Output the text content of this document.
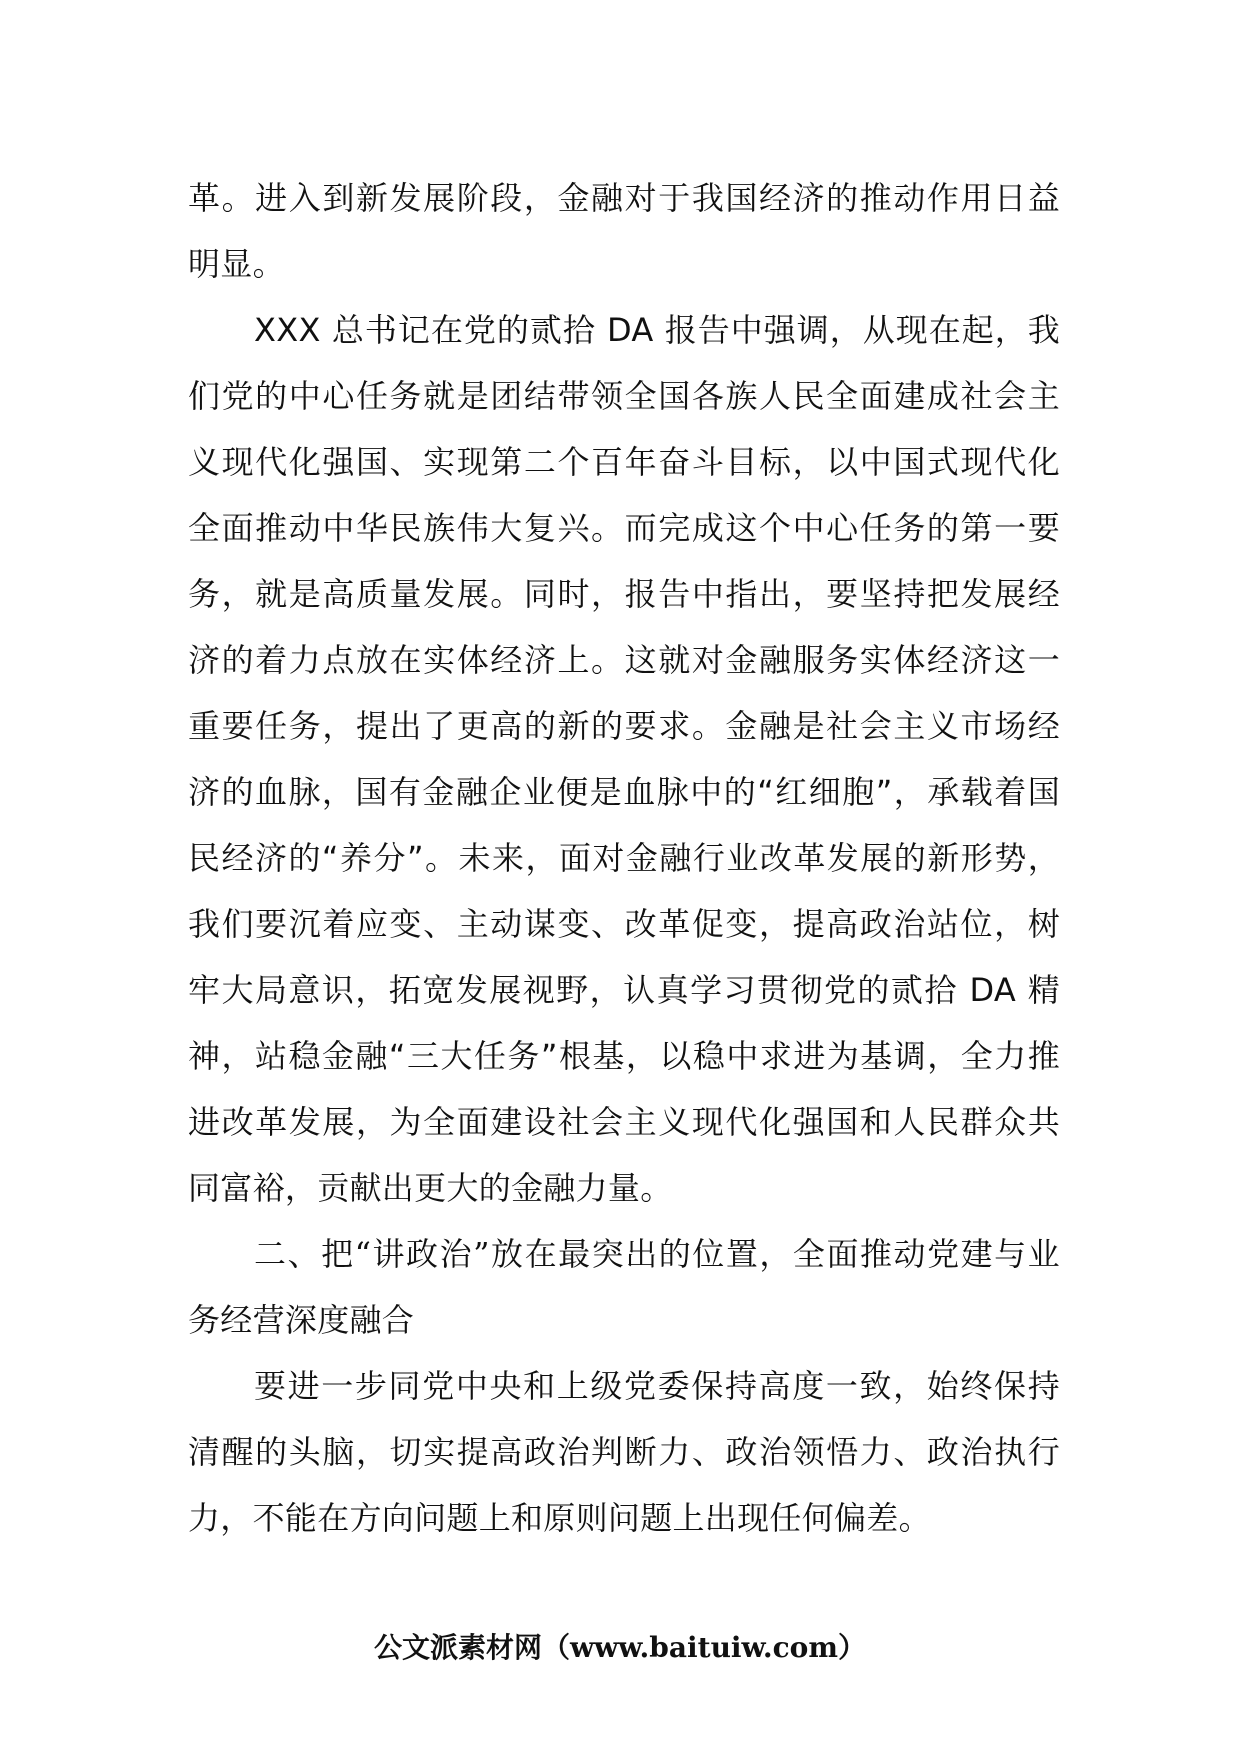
革。进入到新发展阶段，金融对于我国经济的推动作用日益明显。

XXX 总书记在党的贰拾 DA 报告中强调，从现在起，我们党的中心任务就是团结带领全国各族人民全面建成社会主义现代化强国、实现第二个百年奋斗目标，以中国式现代化全面推动中华民族伟大复兴。而完成这个中心任务的第一要务，就是高质量发展。同时，报告中指出，要坚持把发展经济的着力点放在实体经济上。这就对金融服务实体经济这一重要任务，提出了更高的新的要求。金融是社会主义市场经济的血脉，国有金融企业便是血脉中的“红细胞”，承载着国民经济的“养分”。未来，面对金融行业改革发展的新形势，我们要沉着应变、主动谋变、改革促变，提高政治站位，树牢大局意识，拓宽发展视野，认真学习贯彻党的贰拾 DA 精神，站稳金融“三大任务”根基，以稳中求进为基调，全力推进改革发展，为全面建设社会主义现代化强国和人民群众共同富裕，贡献出更大的金融力量。

二、把“讲政治”放在最突出的位置，全面推动党建与业务经营深度融合

要进一步同党中央和上级党委保持高度一致，始终保持清醒的头脑，切实提高政治判断力、政治领悟力、政治执行力，不能在方向问题上和原则问题上出现任何偏差。

公文派素材网（www.baituiw.com）
